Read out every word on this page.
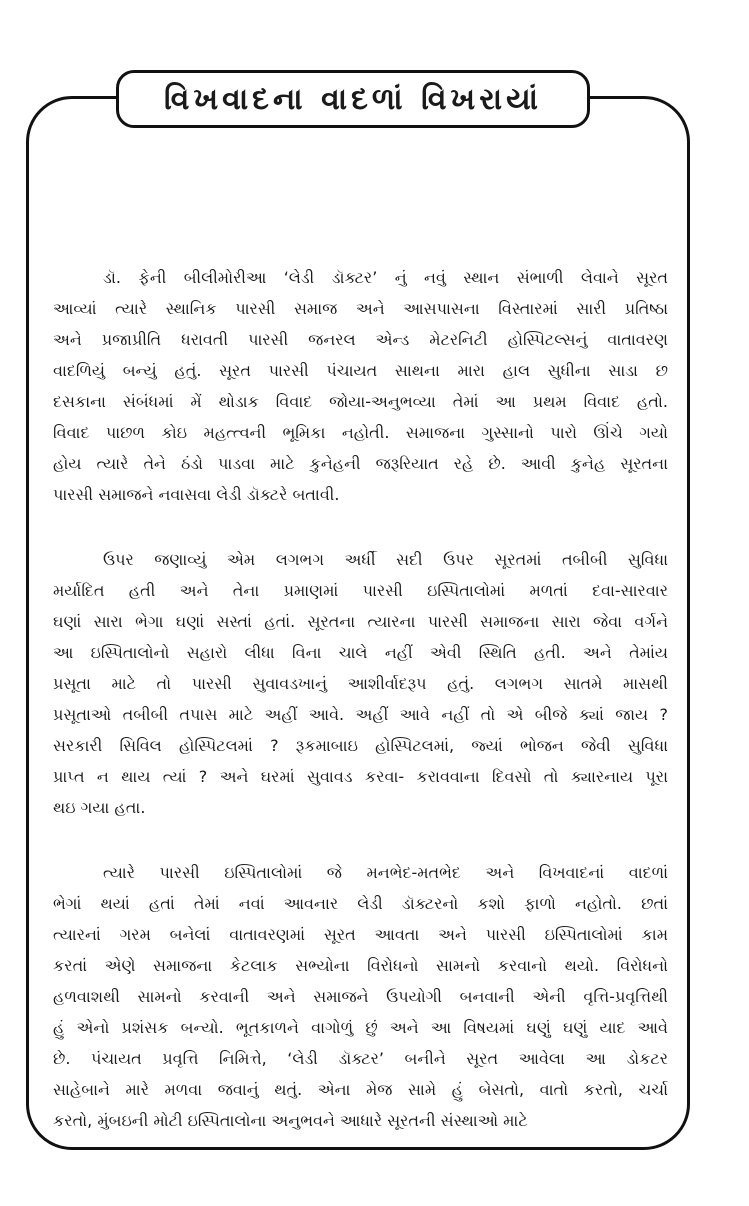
વિખવાદના વાદળાં વિખરાયાં
ડૉ. ફેની બીલીમોરીઆ ‘લેડી ડૉક્ટર’ નું નવું સ્થાન સંભાળી લેવાને સૂરત
આવ્યાં ત્યારે સ્થાનિક પારસી સમાજ અને આસપાસના વિસ્તારમાં સારી પ્રતિષ્ઠા
અને પ્રજાપ્રીતિ ધરાવતી પારસી જનરલ એન્ડ મેટરનિટી હોસ્પિટલ્સનું વાતાવરણ
વાદળિયું બન્યું હતું. સૂરત પારસી પંચાયત સાથના મારા હાલ સુધીના સાડા છ
દસકાના સંબંધમાં મેં થોડાક વિવાદ જોયા-અનુભવ્યા તેમાં આ પ્રથમ વિવાદ હતો.
વિવાદ પાછળ કોઇ મહત્ત્વની ભૂમિકા નહોતી. સમાજના ગુસ્સાનો પારો ઊંચે ગયો
હોય ત્યારે તેને ઠંડો પાડવા માટે કુનેહની જરૂરિયાત રહે છે. આવી કુનેહ સૂરતના
પારસી સમાજને નવાસવા લેડી ડૉક્ટરે બતાવી.
ઉપર જણાવ્યું એમ લગભગ અર્ધી સદી ઉપર સૂરતમાં તબીબી સુવિધા
મર્યાદિત હતી અને તેના પ્રમાણમાં પારસી ઇસ્પિતાલોમાં મળતાં દવા-સારવાર
ઘણાં સારા ભેગા ઘણાં સસ્તાં હતાં. સૂરતના ત્યારના પારસી સમાજના સારા જેવા વર્ગને
આ ઇસ્પિતાલોનો સહારો લીધા વિના ચાલે નહીં એવી સ્થિતિ હતી. અને તેમાંય
પ્રસૂતા માટે તો પારસી સુવાવડખાનું આશીર્વાદરૂપ હતું. લગભગ સાતમે માસથી
પ્રસૂતાઓ તબીબી તપાસ માટે અહીં આવે. અહીં આવે નહીં તો એ બીજે ક્યાં જાય ?
સરકારી સિવિલ હોસ્પિટલમાં ? રૂકમાબાઇ હોસ્પિટલમાં, જ્યાં ભોજન જેવી સુવિધા
પ્રાપ્ત ન થાય ત્યાં ? અને ઘરમાં સુવાવડ કરવા- કરાવવાના દિવસો તો ક્યારનાય પૂરા
થઇ ગયા હતા.
ત્યારે પારસી ઇસ્પિતાલોમાં જે મનભેદ-મતભેદ અને વિખવાદનાં વાદળાં
ભેગાં થયાં હતાં તેમાં નવાં આવનાર લેડી ડૉક્ટરનો કશો ફાળો નહોતો. છતાં
ત્યારનાં ગરમ બનેલાં વાતાવરણમાં સૂરત આવતા અને પારસી ઇસ્પિતાલોમાં કામ
કરતાં એણે સમાજના કેટલાક સભ્યોના વિરોધનો સામનો કરવાનો થયો. વિરોધનો
હળવાશથી સામનો કરવાની અને સમાજને ઉપયોગી બનવાની એની વૃત્તિ-પ્રવૃત્તિથી
હું એનો પ્રશંસક બન્યો. ભૂતકાળને વાગોળું છું અને આ વિષયમાં ઘણું ઘણું યાદ આવે
છે. પંચાયત પ્રવૃત્તિ નિમિત્તે, ‘લેડી ડૉક્ટર’ બનીને સૂરત આવેલા આ ડોકટર
સાહેબાને મારે મળવા જવાનું થતું. એના મેજ સામે હું બેસતો, વાતો કરતો, ચર્ચા
કરતો, મુંબઇની મોટી ઇસ્પિતાલોના અનુભવને આધારે સૂરતની સંસ્થાઓ માટે
